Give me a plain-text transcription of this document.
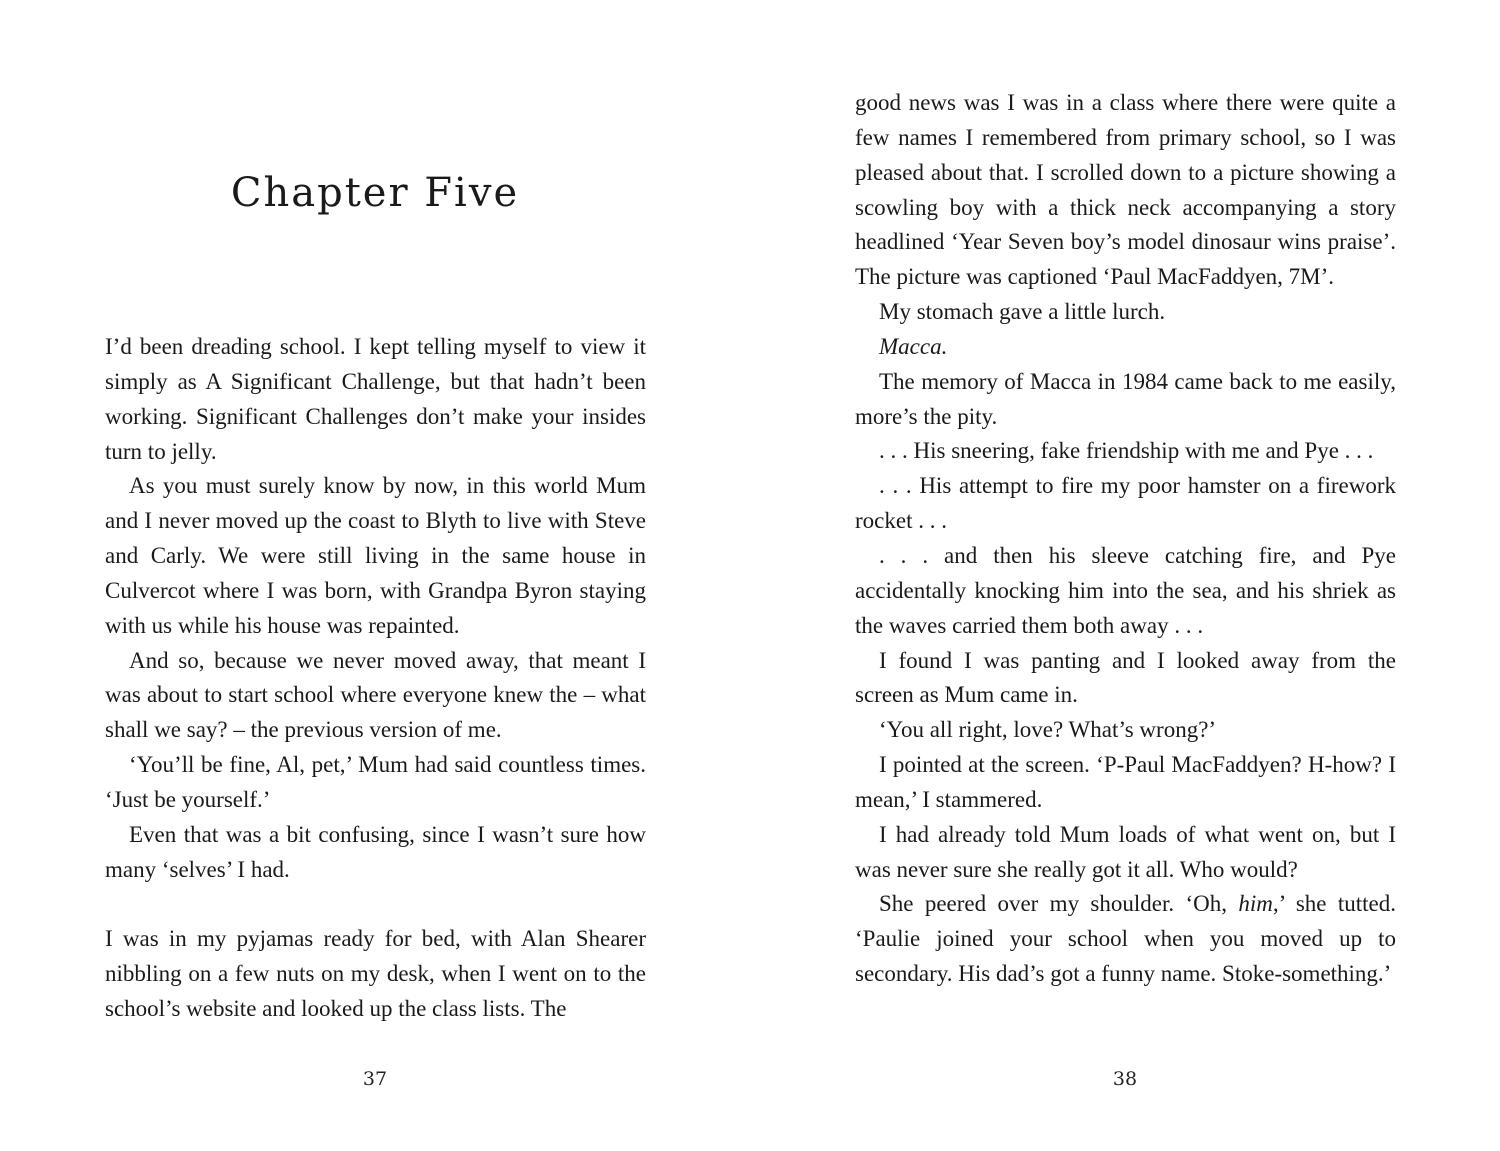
Chapter Five

I’d been dreading school. I kept telling myself to view it simply as A Significant Challenge, but that hadn’t been working. Significant Challenges don’t make your insides turn to jelly.

As you must surely know by now, in this world Mum and I never moved up the coast to Blyth to live with Steve and Carly. We were still living in the same house in Culvercot where I was born, with Grandpa Byron staying with us while his house was repainted.

And so, because we never moved away, that meant I was about to start school where everyone knew the – what shall we say? – the previous version of me.

‘You’ll be fine, Al, pet,’ Mum had said countless times. ‘Just be yourself.’

Even that was a bit confusing, since I wasn’t sure how many ‘selves’ I had.

I was in my pyjamas ready for bed, with Alan Shearer nibbling on a few nuts on my desk, when I went on to the school’s website and looked up the class lists. The

37

good news was I was in a class where there were quite a few names I remembered from primary school, so I was pleased about that. I scrolled down to a picture showing a scowling boy with a thick neck accompanying a story headlined ‘Year Seven boy’s model dinosaur wins praise’. The picture was captioned ‘Paul MacFaddyen, 7M’.

My stomach gave a little lurch.

Macca.

The memory of Macca in 1984 came back to me easily, more’s the pity.

. . . His sneering, fake friendship with me and Pye . . .

. . . His attempt to fire my poor hamster on a firework rocket . . .

. . . and then his sleeve catching fire, and Pye accidentally knocking him into the sea, and his shriek as the waves carried them both away . . .

I found I was panting and I looked away from the screen as Mum came in.

‘You all right, love? What’s wrong?’

I pointed at the screen. ‘P-Paul MacFaddyen? H-how? I mean,’ I stammered.

I had already told Mum loads of what went on, but I was never sure she really got it all. Who would?

She peered over my shoulder. ‘Oh, him,’ she tutted. ‘Paulie joined your school when you moved up to secondary. His dad’s got a funny name. Stoke-something.’

38
